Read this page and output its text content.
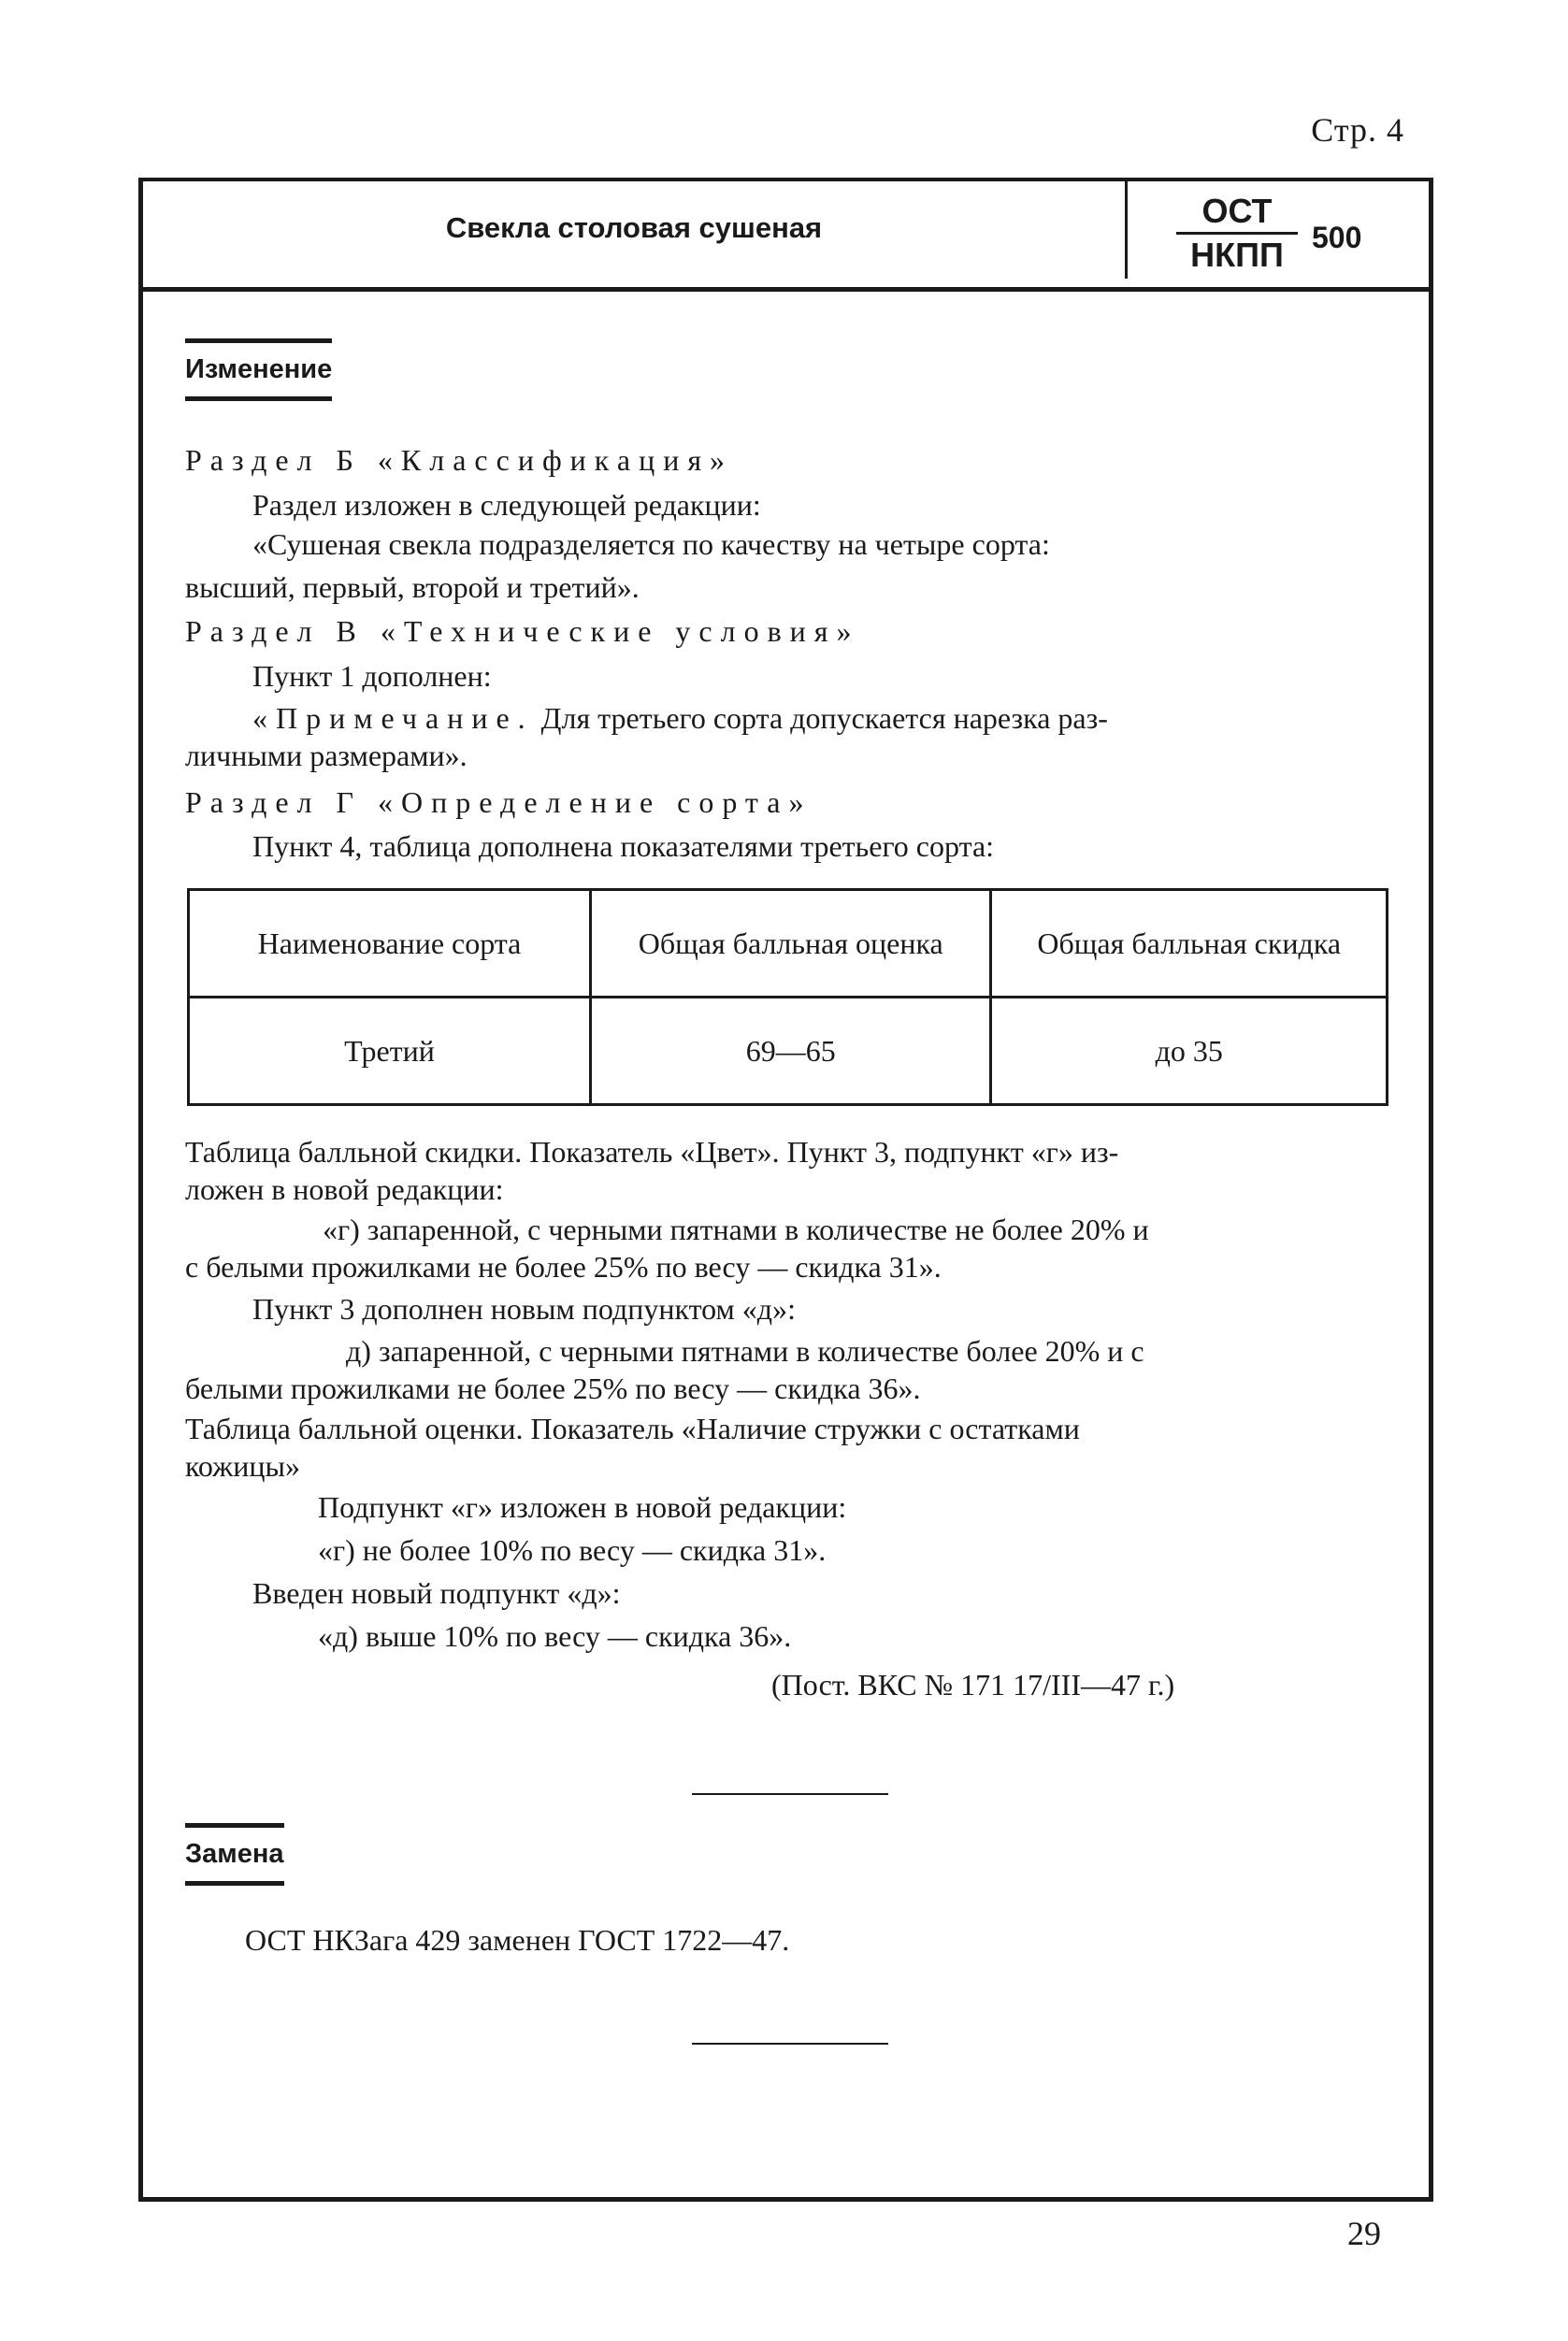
Стр. 4
Свекла столовая сушеная	ОСТ
НКПП 500
Изменение
Раздел Б «Классификация»
Раздел изложен в следующей редакции:
«Сушеная свекла подразделяется по качеству на четыре сорта:
высший, первый, второй и третий».
Раздел В «Технические условия»
Пункт 1 дополнен:
«Примечание. Для третьего сорта допускается нарезка раз-
личными размерами».
Раздел Г «Определение сорта»
Пункт 4, таблица дополнена показателями третьего сорта:
Наименование сорта	Общая балльная оценка	Общая балльная скидка
Третий	69—65	до 35
Таблица балльной скидки. Показатель «Цвет». Пункт 3, подпункт «г» из-
ложен в новой редакции:
«г) запаренной, с черными пятнами в количестве не более 20% и
с белыми прожилками не более 25% по весу — скидка 31».
Пункт 3 дополнен новым подпунктом «д»:
д) запаренной, с черными пятнами в количестве более 20% и с
белыми прожилками не более 25% по весу — скидка 36».
Таблица балльной оценки. Показатель «Наличие стружки с остатками
кожицы»
Подпункт «г» изложен в новой редакции:
«г) не более 10% по весу — скидка 31».
Введен новый подпункт «д»:
«д) выше 10% по весу — скидка 36».
(Пост. ВКС № 171 17/III—47 г.)
Замена
ОСТ НКЗага 429 заменен ГОСТ 1722—47.
29
